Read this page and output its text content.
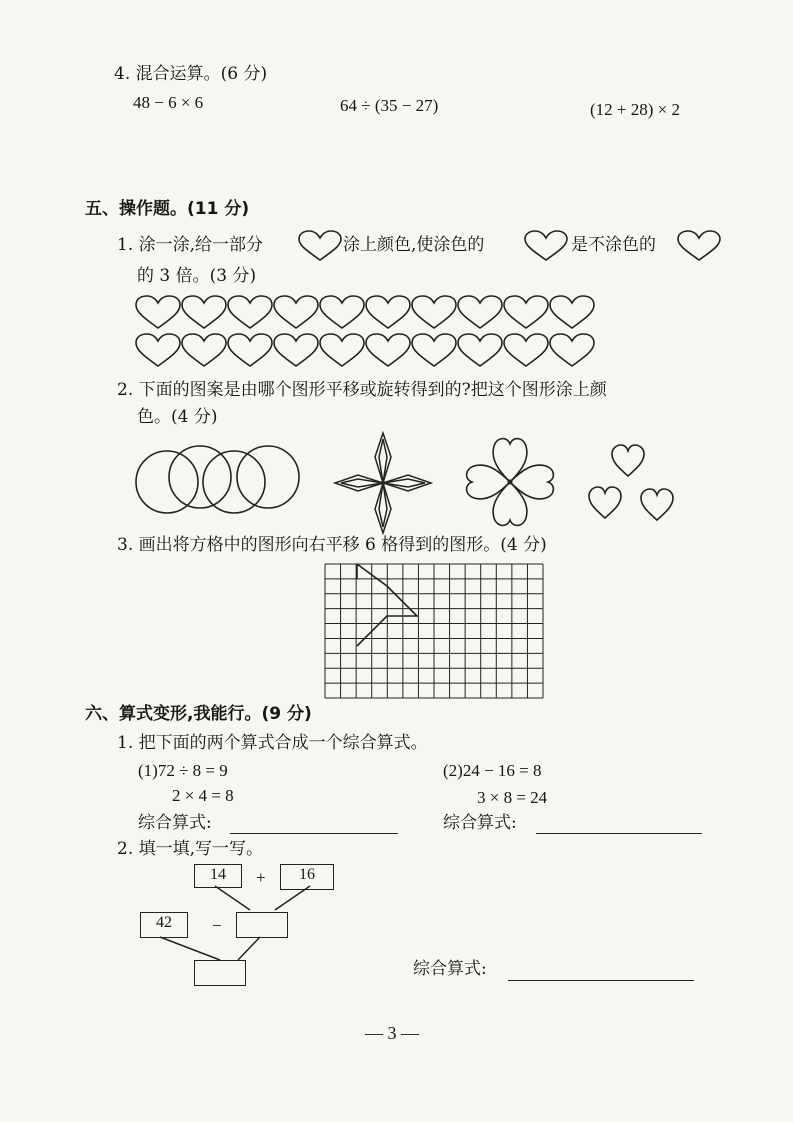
4. 混合运算。(6 分)
48 − 6 × 6	64 ÷ (35 − 27)	(12 + 28) × 2
五、操作题。(11 分)
1. 涂一涂,给一部分	涂上颜色,使涂色的	是不涂色的
的 3 倍。(3 分)
2. 下面的图案是由哪个图形平移或旋转得到的?把这个图形涂上颜
色。(4 分)
3. 画出将方格中的图形向右平移 6 格得到的图形。(4 分)
六、算式变形,我能行。(9 分)
1. 把下面的两个算式合成一个综合算式。
(1)72 ÷ 8 = 9
2 × 4 = 8
(2)24 − 16 = 8
3 × 8 = 24
综合算式:	综合算式:
2. 填一填,写一写。
14	+	16
42	−
综合算式:
— 3 —
